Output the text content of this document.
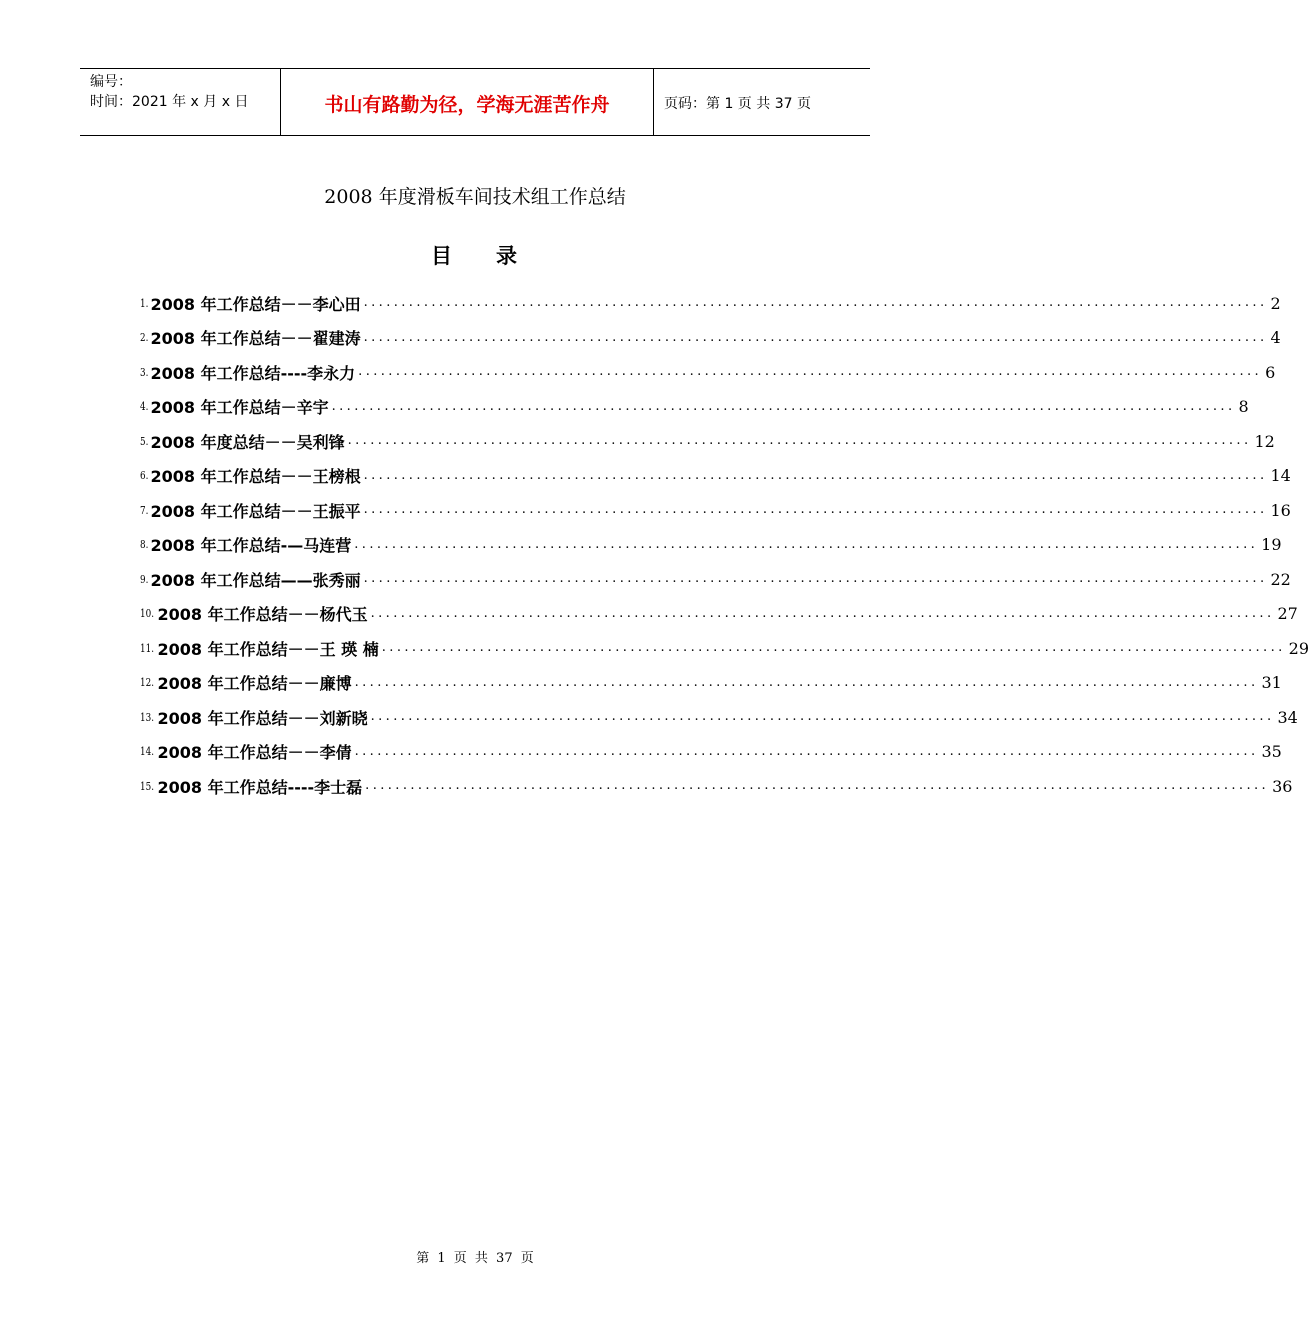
编号：
时间：2021 年 x 月 x 日	书山有路勤为径，学海无涯苦作舟	页码：第 1 页 共 37 页
2008 年度滑板车间技术组工作总结
目 录
1. 2008 年工作总结－－李心田 ........................................................................................................................ 2
2. 2008 年工作总结－－翟建涛 ........................................................................................................................ 4
3. 2008 年工作总结----李永力 ........................................................................................................................ 6
4. 2008 年工作总结－辛宇 ........................................................................................................................ 8
5. 2008 年度总结－－吴利锋 ........................................................................................................................ 12
6. 2008 年工作总结－－王榜根 ........................................................................................................................ 14
7. 2008 年工作总结－－王振平 ........................................................................................................................ 16
8. 2008 年工作总结-—马连营 ........................................................................................................................ 19
9. 2008 年工作总结——张秀丽 ........................................................................................................................ 22
10. 2008 年工作总结－－杨代玉 ........................................................................................................................ 27
11. 2008 年工作总结－－王 瑛 楠 ........................................................................................................................ 29
12. 2008 年工作总结－－廉博 ........................................................................................................................ 31
13. 2008 年工作总结－－刘新晓 ........................................................................................................................ 34
14. 2008 年工作总结－－李倩 ........................................................................................................................ 35
15. 2008 年工作总结----李士磊 ........................................................................................................................ 36
第 1 页 共 37 页
